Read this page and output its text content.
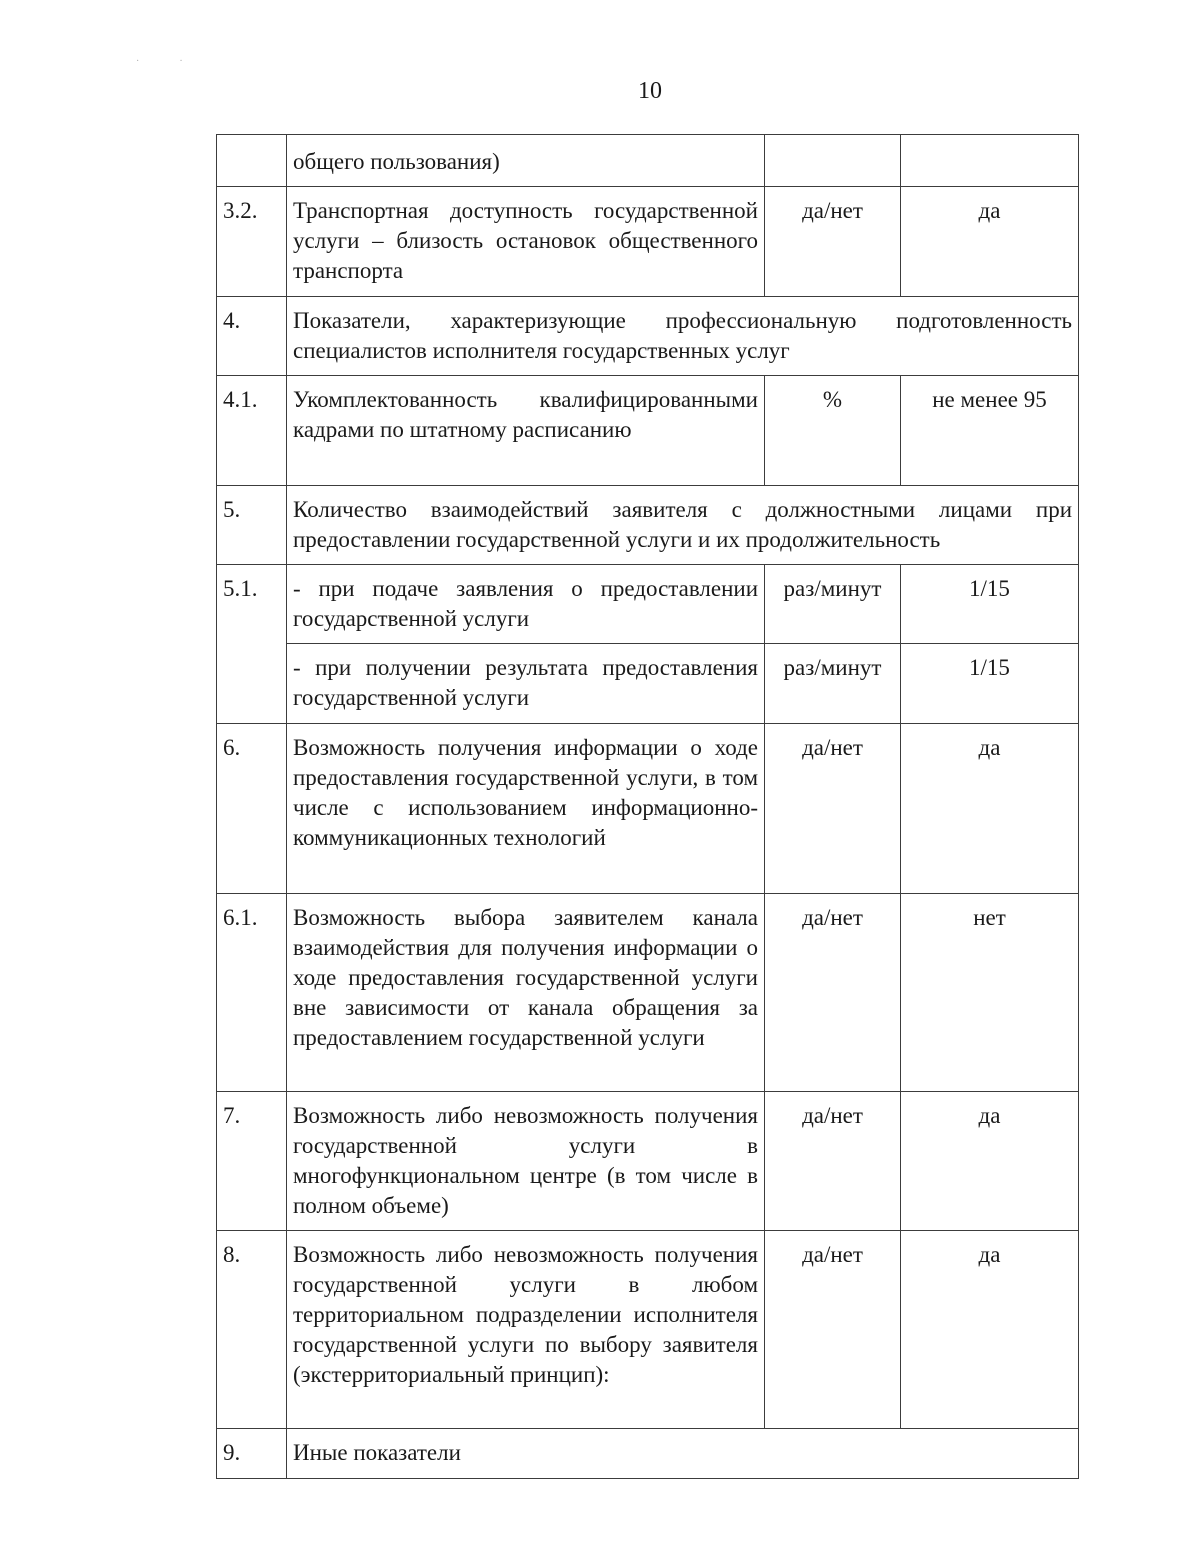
··
10
	общего пользования)		
3.2.	Транспортная доступность государственной услуги – близость остановок общественного транспорта	да/нет	да
4.	Показатели, характеризующие профессиональную подготовленность специалистов исполнителя государственных услуг		
4.1.	Укомплектованность квалифицированными кадрами по штатному расписанию	%	не менее 95
5.	Количество взаимодействий заявителя с должностными лицами при предоставлении государственной услуги и их продолжительность		
5.1.	- при подаче заявления о предоставлении государственной услуги	раз/минут	1/15
	- при получении результата предоставления государственной услуги	раз/минут	1/15
6.	Возможность получения информации о ходе предоставления государственной услуги, в том числе с использованием информационно-коммуникационных технологий	да/нет	да
6.1.	Возможность выбора заявителем канала взаимодействия для получения информации о ходе предоставления государственной услуги вне зависимости от канала обращения за предоставлением государственной услуги	да/нет	нет
7.	Возможность либо невозможность получения государственной услуги в многофункциональном центре (в том числе в полном объеме)	да/нет	да
8.	Возможность либо невозможность получения государственной услуги в любом территориальном подразделении исполнителя государственной услуги по выбору заявителя (экстерриториальный принцип):	да/нет	да
9.	Иные показатели		
